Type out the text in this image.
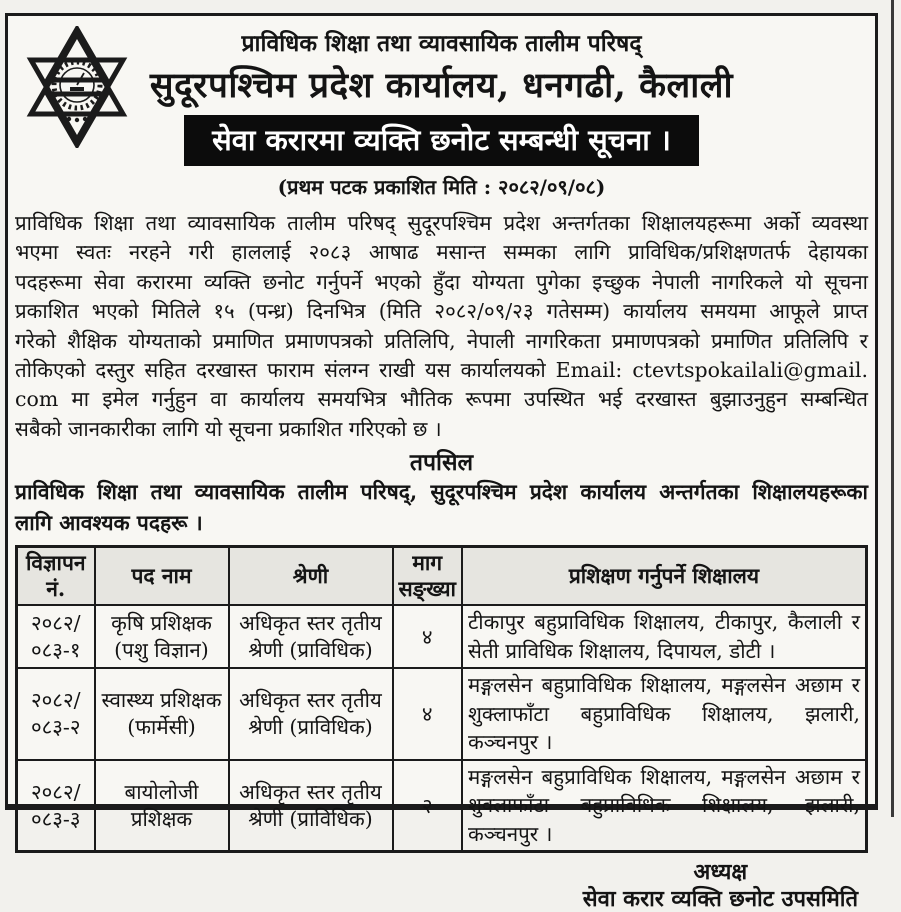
प्राविधिक शिक्षा तथा व्यावसायिक तालीम परिषद्
सुदूरपश्चिम प्रदेश कार्यालय, धनगढी, कैलाली
सेवा करारमा व्यक्ति छनोट सम्बन्धी सूचना ।
(प्रथम पटक प्रकाशित मिति : २०८२/०९/०८)
प्राविधिक शिक्षा तथा व्यावसायिक तालीम परिषद् सुदूरपश्चिम प्रदेश अन्तर्गतका शिक्षालयहरूमा अर्को व्यवस्था
भएमा स्वतः नरहने गरी हाललाई २०८३ आषाढ मसान्त सम्मका लागि प्राविधिक/प्रशिक्षणतर्फ देहायका
पदहरूमा सेवा करारमा व्यक्ति छनोट गर्नुपर्ने भएको हुँदा योग्यता पुगेका इच्छुक नेपाली नागरिकले यो सूचना
प्रकाशित भएको मितिले १५ (पन्ध्र) दिनभित्र (मिति २०८२/०९/२३ गतेसम्म) कार्यालय समयमा आफूले प्राप्त
गरेको शैक्षिक योग्यताको प्रमाणित प्रमाणपत्रको प्रतिलिपि, नेपाली नागरिकता प्रमाणपत्रको प्रमाणित प्रतिलिपि र
तोकिएको दस्तुर सहित दरखास्त फाराम संलग्न राखी यस कार्यालयको Email: ctevtspokailali@gmail.
com मा इमेल गर्नुहुन वा कार्यालय समयभित्र भौतिक रूपमा उपस्थित भई दरखास्त बुझाउनुहुन सम्बन्धित
सबैको जानकारीका लागि यो सूचना प्रकाशित गरिएको छ ।
तपसिल
प्राविधिक शिक्षा तथा व्यावसायिक तालीम परिषद्, सुदूरपश्चिम प्रदेश कार्यालय अन्तर्गतका शिक्षालयहरूका
लागि आवश्यक पदहरू ।
विज्ञापन नं.	पद नाम	श्रेणी	माग सङ्ख्या	प्रशिक्षण गर्नुपर्ने शिक्षालय

२०८२/
०८३-१	कृषि प्रशिक्षक (पशु विज्ञान)	अधिकृत स्तर तृतीय श्रेणी (प्राविधिक)	४	टीकापुर बहुप्राविधिक शिक्षालय, टीकापुर, कैलाली र सेती प्राविधिक शिक्षालय, दिपायल, डोटी ।

२०८२/
०८३-२	स्वास्थ्य प्रशिक्षक (फार्मेसी)	अधिकृत स्तर तृतीय श्रेणी (प्राविधिक)	४	मङ्गलसेन बहुप्राविधिक शिक्षालय, मङ्गलसेन अछाम र शुक्लाफाँटा बहुप्राविधिक शिक्षालय, झलारी, कञ्चनपुर ।

२०८२/
०८३-३	बायोलोजी प्रशिक्षक	अधिकृत स्तर तृतीय श्रेणी (प्राविधिक)	२	मङ्गलसेन बहुप्राविधिक शिक्षालय, मङ्गलसेन अछाम र शुक्लाफाँटा बहुप्राविधिक शिक्षालय, झलारी, कञ्चनपुर ।
अध्यक्ष
सेवा करार व्यक्ति छनोट उपसमिति
